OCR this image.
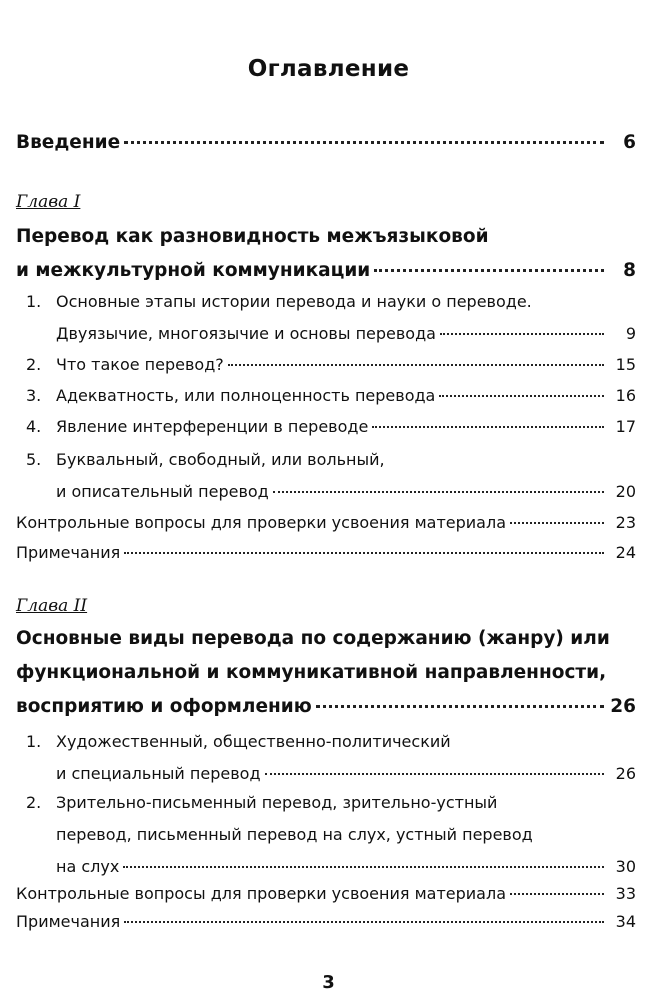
Оглавление
Введение	6
Глава I
Перевод как разновидность межъязыковой
и межкультурной коммуникации	8
1. Основные этапы истории перевода и науки о переводе.
Двуязычие, многоязычие и основы перевода	9
2. Что такое перевод?	15
3. Адекватность, или полноценность перевода	16
4. Явление интерференции в переводе	17
5. Буквальный, свободный, или вольный,
и описательный перевод	20
Контрольные вопросы для проверки усвоения материала	23
Примечания	24
Глава II
Основные виды перевода по содержанию (жанру) или
функциональной и коммуникативной направленности,
восприятию и оформлению	26
1. Художественный, общественно-политический
и специальный перевод	26
2. Зрительно-письменный перевод, зрительно-устный
перевод, письменный перевод на слух, устный перевод
на слух	30
Контрольные вопросы для проверки усвоения материала	33
Примечания	34
3
